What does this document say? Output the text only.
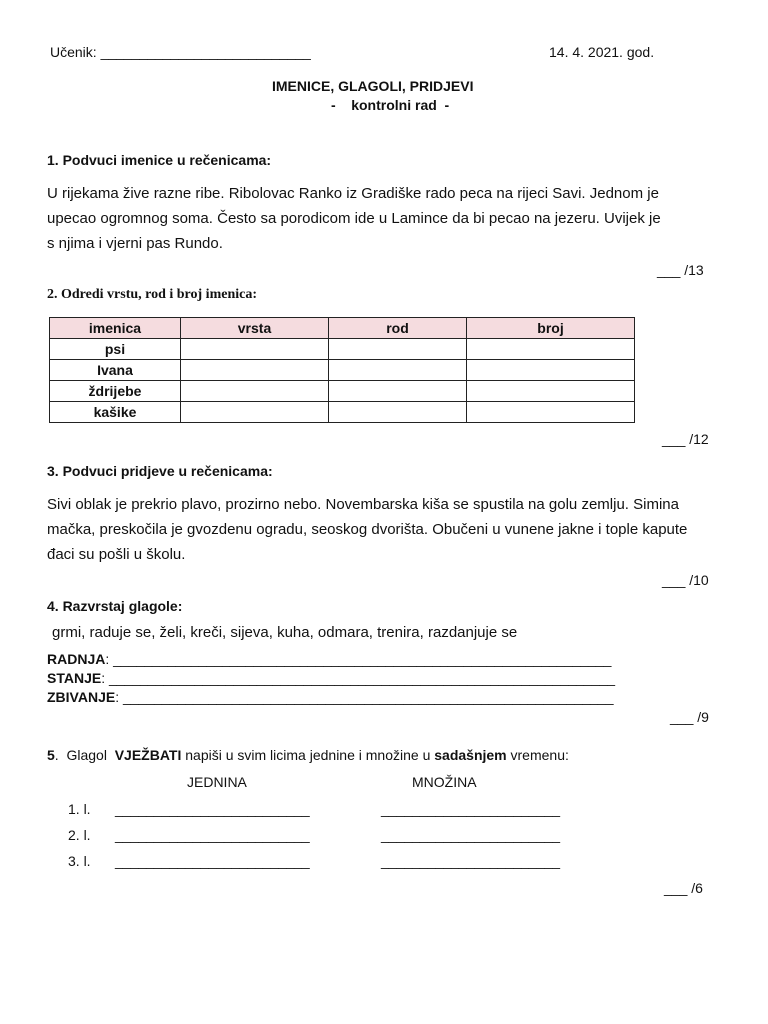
Učenik: ___________________________	14. 4. 2021. god.
IMENICE, GLAGOLI, PRIDJEVI
-    kontrolni rad  -
1. Podvuci imenice u rečenicama:
U rijekama žive razne ribe. Ribolovac Ranko iz Gradiške rado peca na rijeci Savi. Jednom je
upecao ogromnog soma. Često sa porodicom ide u Lamince da bi pecao na jezeru. Uvijek je
s njima i vjerni pas Rundo.
___ /13
2. Odredi vrstu, rod i broj imenica:
imenica	vrsta	rod	broj
psi			
Ivana			
ždrijebe			
kašike			
___ /12
3. Podvuci pridjeve u rečenicama:
Sivi oblak je prekrio plavo, prozirno nebo. Novembarska kiša se spustila na golu zemlju. Simina
mačka, preskočila je gvozdenu ogradu, seoskog dvorišta. Obučeni u vunene jakne i tople kapute
đaci su pošli u školu.
___ /10
4. Razvrstaj glagole:
grmi, raduje se, želi, kreči, sijeva, kuha, odmara, trenira, razdanjuje se
RADNJA: ________________________________________________________________
STANJE: _________________________________________________________________
ZBIVANJE: _______________________________________________________________
___ /9
5.  Glagol  VJEŽBATI napiši u svim licima jednine i množine u sadašnjem vremenu:
JEDNINA	MNOŽINA
1. l. _________________________	_______________________
2. l. _________________________	_______________________
3. l. _________________________	_______________________
___ /6
